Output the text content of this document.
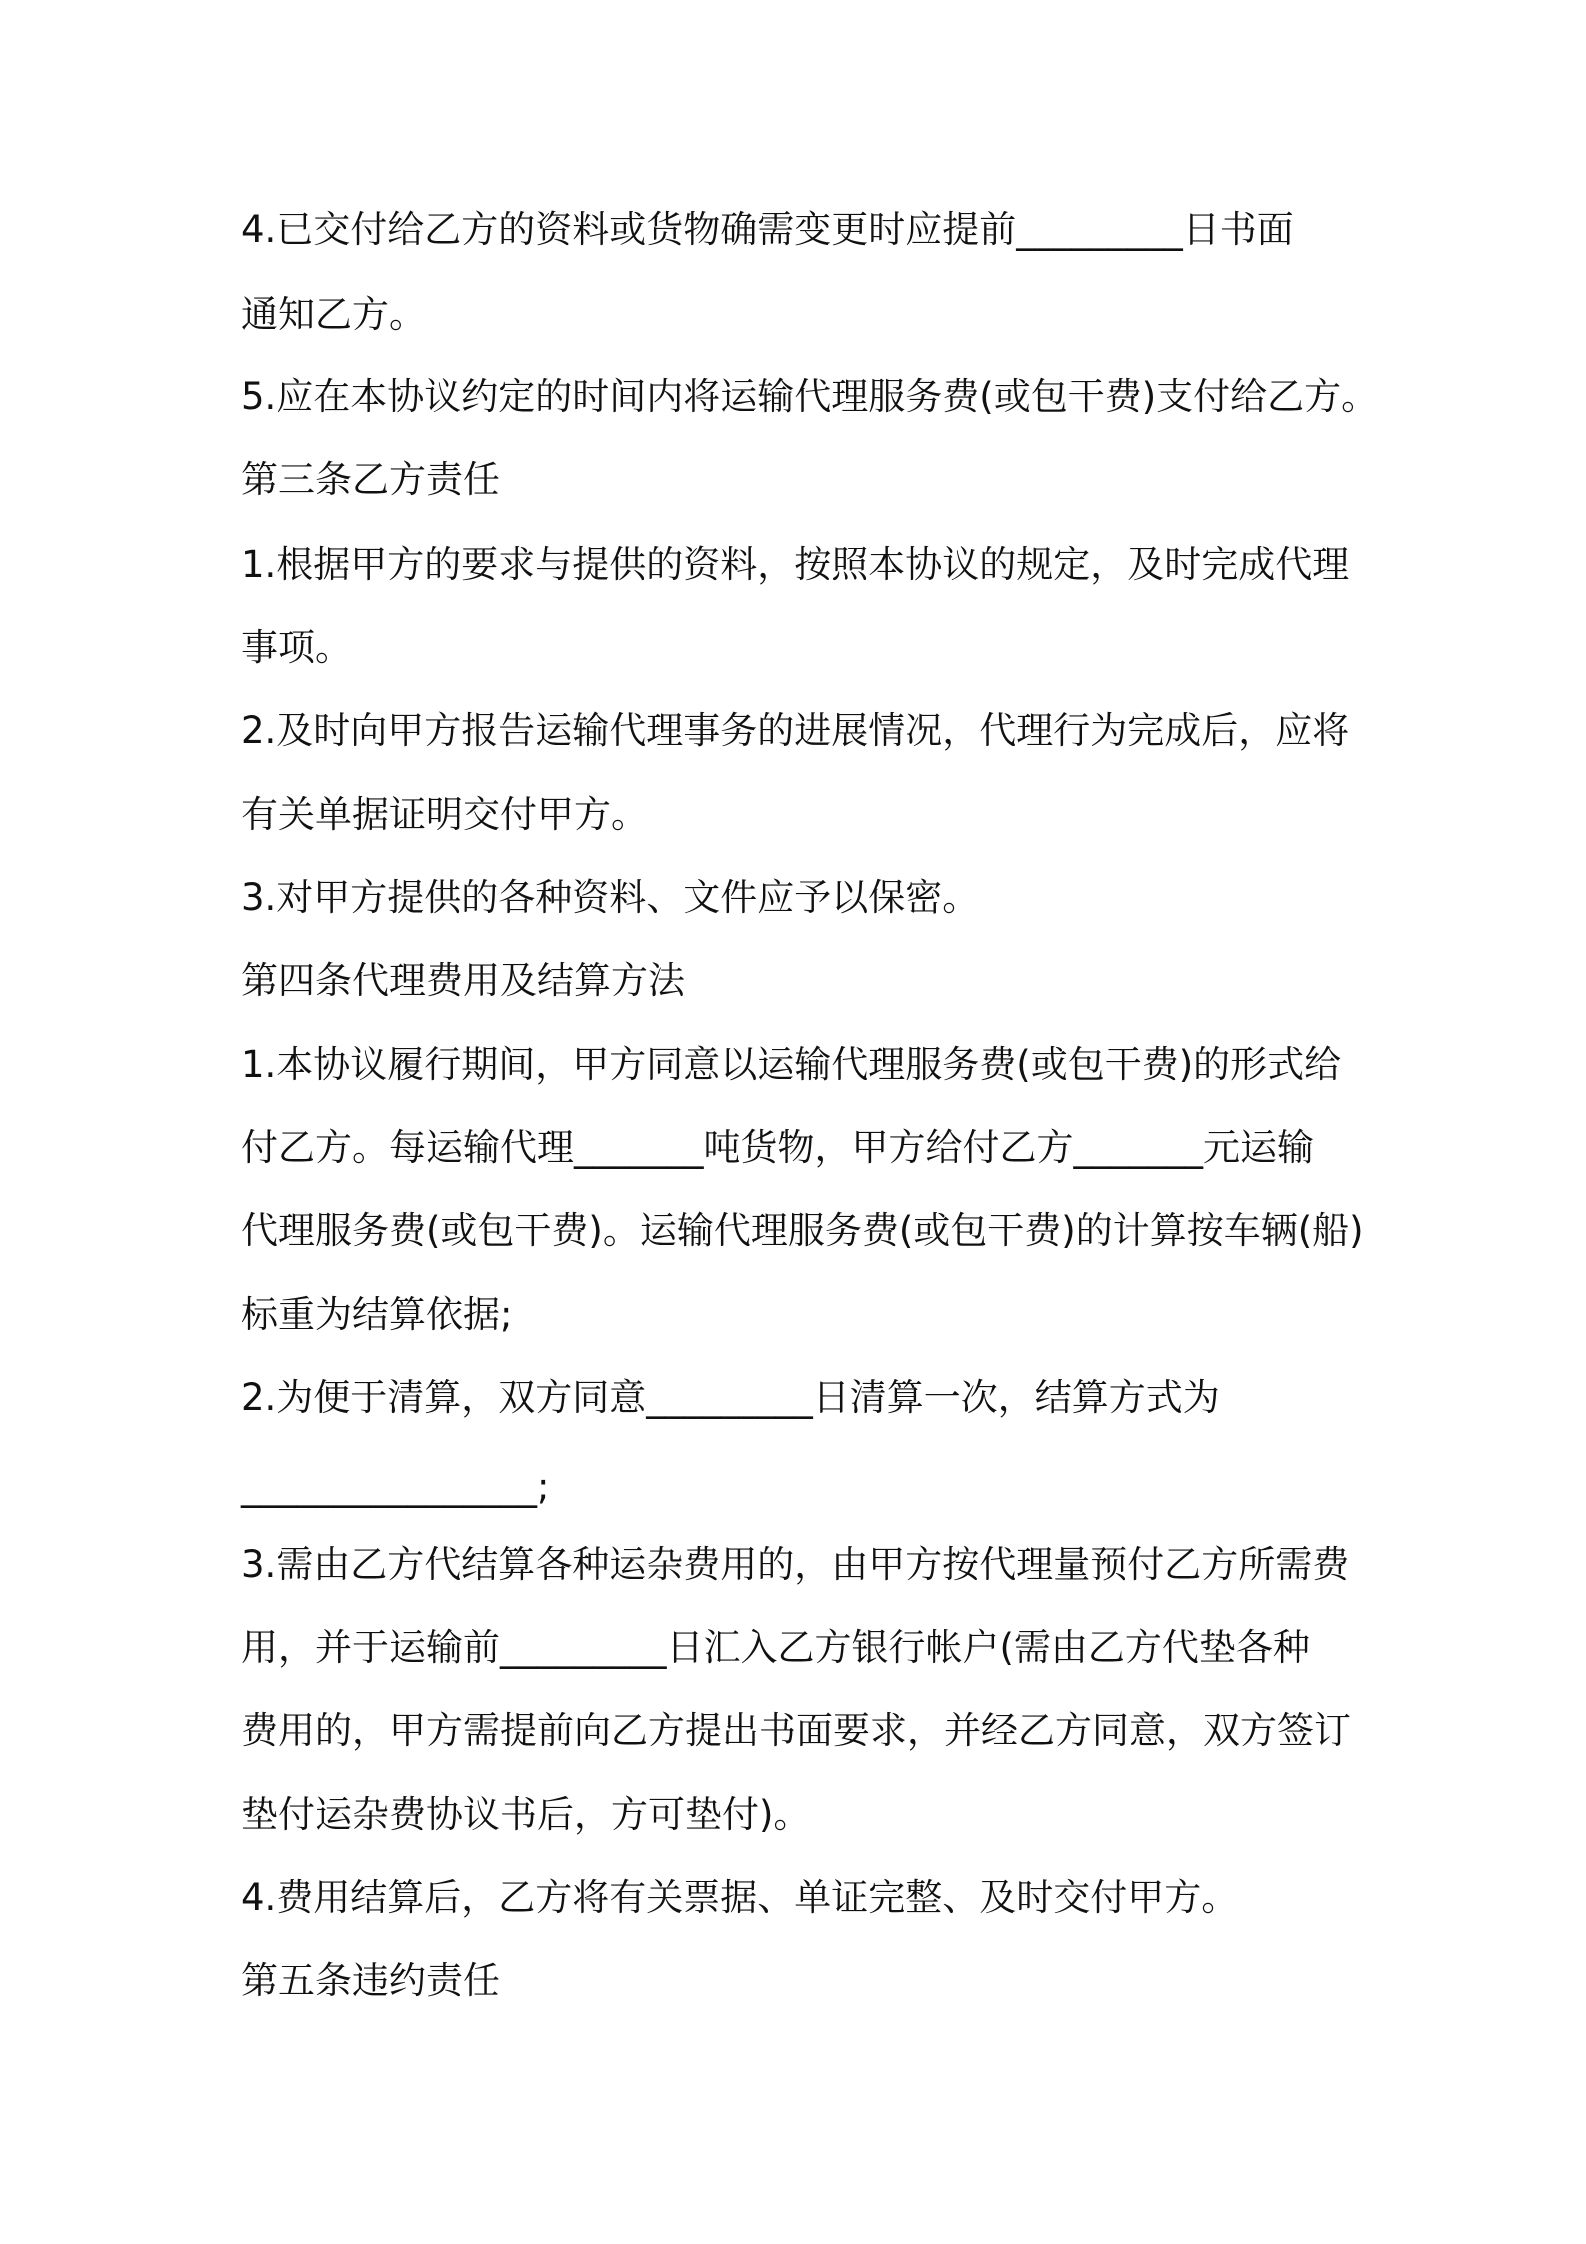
4.已交付给乙方的资料或货物确需变更时应提前_________日书面
通知乙方。
5.应在本协议约定的时间内将运输代理服务费(或包干费)支付给乙方。
第三条乙方责任
1.根据甲方的要求与提供的资料，按照本协议的规定，及时完成代理
事项。
2.及时向甲方报告运输代理事务的进展情况，代理行为完成后，应将
有关单据证明交付甲方。
3.对甲方提供的各种资料、文件应予以保密。
第四条代理费用及结算方法
1.本协议履行期间，甲方同意以运输代理服务费(或包干费)的形式给
付乙方。每运输代理_______吨货物，甲方给付乙方_______元运输
代理服务费(或包干费)。运输代理服务费(或包干费)的计算按车辆(船)
标重为结算依据;
2.为便于清算，双方同意_________日清算一次，结算方式为
________________;
3.需由乙方代结算各种运杂费用的，由甲方按代理量预付乙方所需费
用，并于运输前_________日汇入乙方银行帐户(需由乙方代垫各种
费用的，甲方需提前向乙方提出书面要求，并经乙方同意，双方签订
垫付运杂费协议书后，方可垫付)。
4.费用结算后，乙方将有关票据、单证完整、及时交付甲方。
第五条违约责任
